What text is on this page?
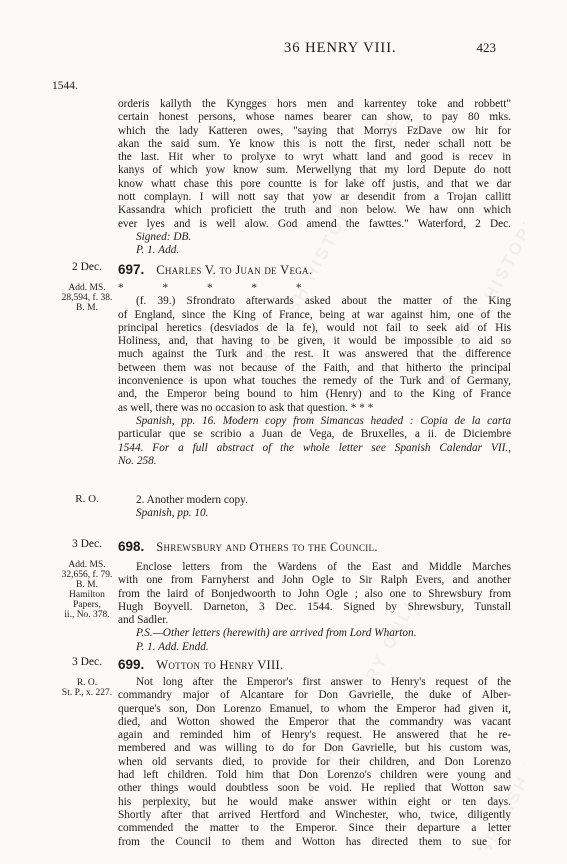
36 HENRY VIII.	423
1544.
orderis kallyth the Kyngges hors men and karrentey toke and robbett"
certain honest persons, whose names bearer can show, to pay 80 mks.
which the lady Katteren owes, "saying that Morrys FzDave ow hir for
akan the said sum. Ye know this is nott the first, neder schall nott be
the last. Hit wher to prolyxe to wryt whatt land and good is recev in
kanys of which yow know sum. Merwellyng that my lord Depute do nott
know whatt chase this pore countte is for lake off justis, and that we dar
nott complayn. I will nott say that yow ar desendit from a Trojan callitt
Kassandra which proficiett the truth and non below. We haw onn which
ever lyes and is well alow. God amend the fawttes." Waterford, 2 Dec.
Signed: DB.
P. 1. Add.
2 Dec.
Add. MS.
28,594, f. 38.
B. M.
697. Charles V. to Juan de Vega.
* * * * *
(f. 39.) Sfrondrato afterwards asked about the matter of the King
of England, since the King of France, being at war against him, one of the
principal heretics (desviados de la fe), would not fail to seek aid of His
Holiness, and, that having to be given, it would be impossible to aid so
much against the Turk and the rest. It was answered that the difference
between them was not because of the Faith, and that hitherto the principal
inconvenience is upon what touches the remedy of the Turk and of Germany,
and, the Emperor being bound to him (Henry) and to the King of France
as well, there was no occasion to ask that question. * * *
Spanish, pp. 16. Modern copy from Simancas headed : Copia de la carta
particular que se scribio a Juan de Vega, de Bruxelles, a ii. de Diciembre
1544. For a full abstract of the whole letter see Spanish Calendar VII.,
No. 258.
R. O.	2. Another modern copy.
Spanish, pp. 10.
3 Dec.
Add. MS.
32,656, f. 79.
B. M.
Hamilton
Papers,
ii., No. 378.
698. Shrewsbury and Others to the Council.
Enclose letters from the Wardens of the East and Middle Marches
with one from Farnyherst and John Ogle to Sir Ralph Evers, and another
from the laird of Bonjedwoorth to John Ogle ; also one to Shrewsbury from
Hugh Boyvell. Darneton, 3 Dec. 1544. Signed by Shrewsbury, Tunstall
and Sadler.
P.S.—Other letters (herewith) are arrived from Lord Wharton.
P. 1. Add. Endd.
3 Dec.
R. O.
St. P., x. 227.
699. Wotton to Henry VIII.
Not long after the Emperor's first answer to Henry's request of the
commandry major of Alcantare for Don Gavrielle, the duke of Alber-
querque's son, Don Lorenzo Emanuel, to whom the Emperor had given it,
died, and Wotton showed the Emperor that the commandry was vacant
again and reminded him of Henry's request. He answered that he re-
membered and was willing to do for Don Gavrielle, but his custom was,
when old servants died, to provide for their children, and Don Lorenzo
had left children. Told him that Don Lorenzo's children were young and
other things would doubtless soon be void. He replied that Wotton saw
his perplexity, but he would make answer within eight or ten days.
Shortly after that arrived Hertford and Winchester, who, twice, diligently
commended the matter to the Emperor. Since their departure a letter
from the Council to them and Wotton has directed them to sue for
